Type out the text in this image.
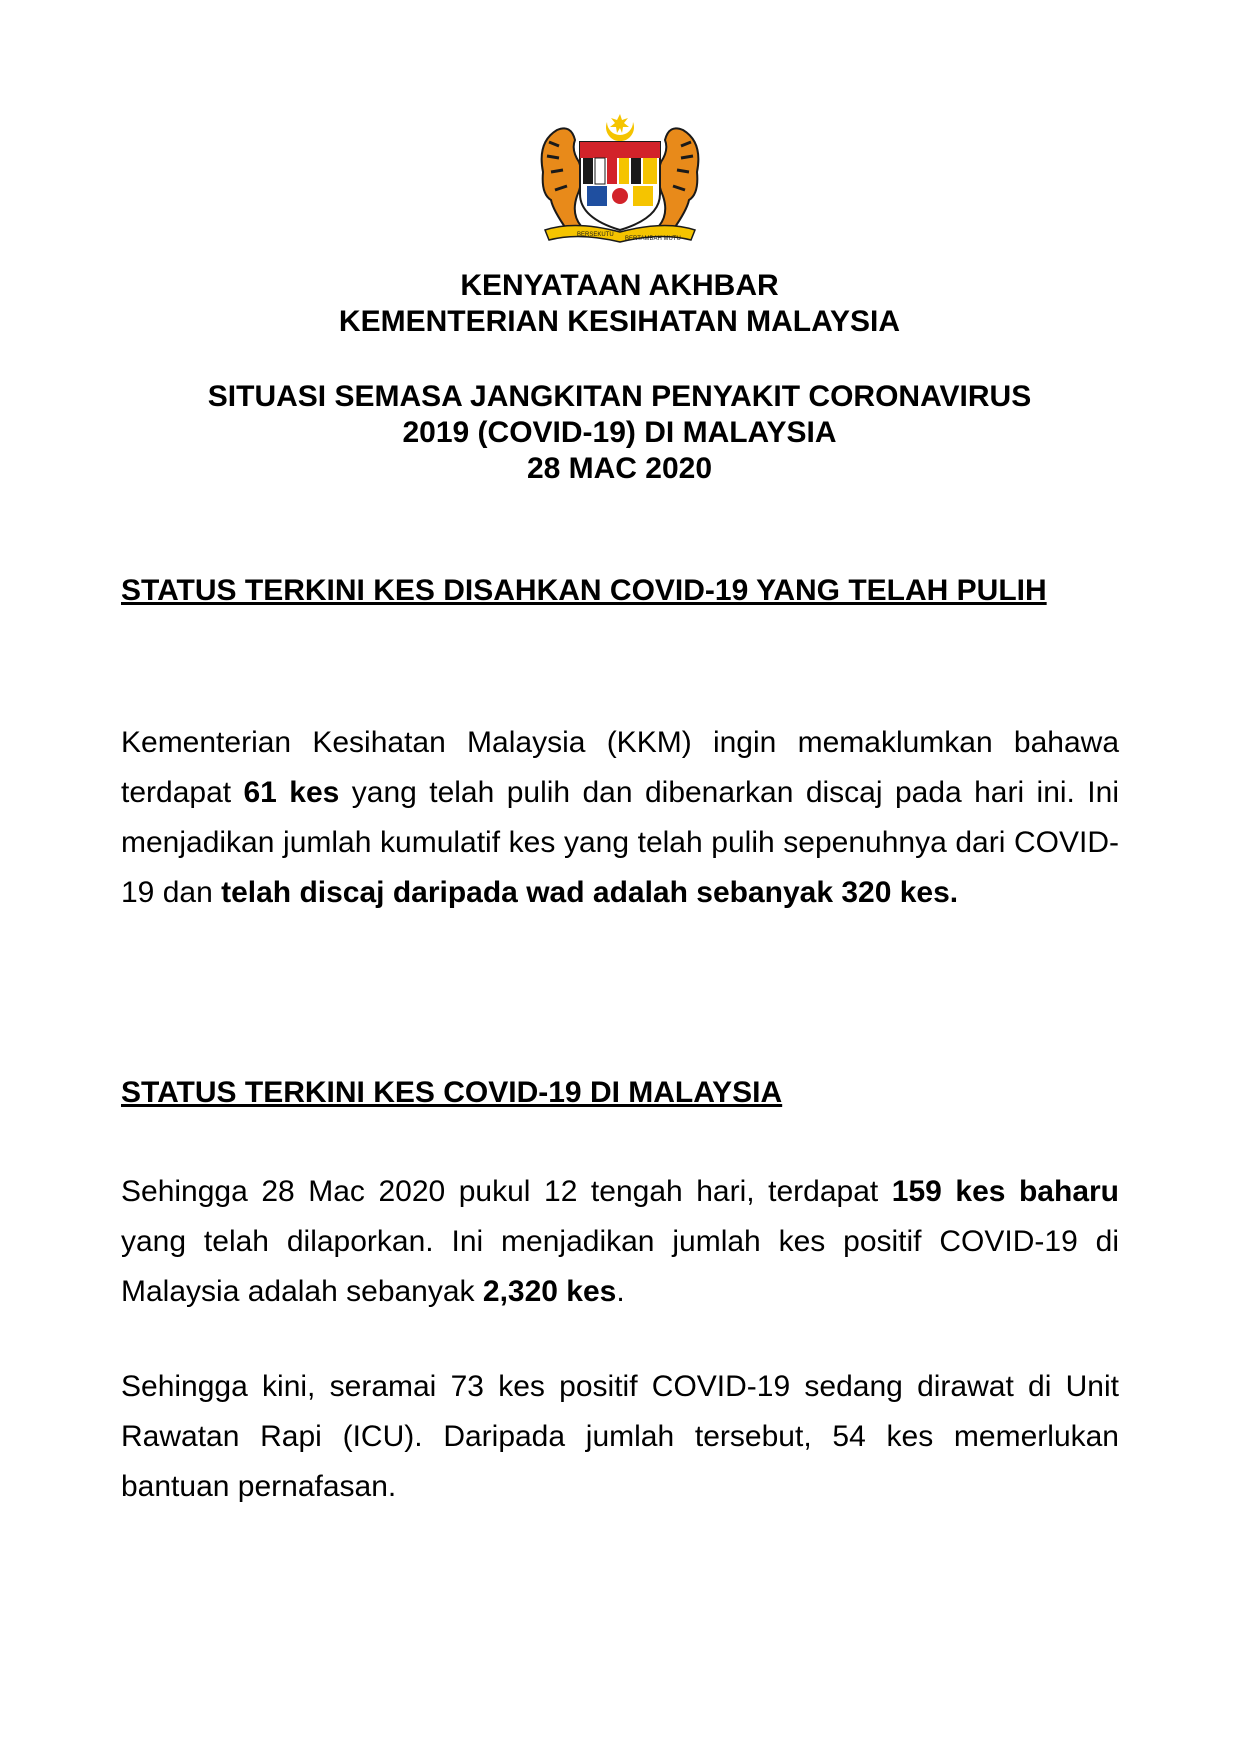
BERSEKUTU
BERTAMBAH MUTU
KENYATAAN AKHBAR
KEMENTERIAN KESIHATAN MALAYSIA
SITUASI SEMASA JANGKITAN PENYAKIT CORONAVIRUS
2019 (COVID-19) DI MALAYSIA
28 MAC 2020
STATUS TERKINI KES DISAHKAN COVID-19 YANG TELAH PULIH

Kementerian Kesihatan Malaysia (KKM) ingin memaklumkan bahawa terdapat 61 kes yang telah pulih dan dibenarkan discaj pada hari ini. Ini menjadikan jumlah kumulatif kes yang telah pulih sepenuhnya dari COVID-19 dan telah discaj daripada wad adalah sebanyak 320 kes.

STATUS TERKINI KES COVID-19 DI MALAYSIA

Sehingga 28 Mac 2020 pukul 12 tengah hari, terdapat 159 kes baharu yang telah dilaporkan. Ini menjadikan jumlah kes positif COVID-19 di Malaysia adalah sebanyak 2,320 kes.

Sehingga kini, seramai 73 kes positif COVID-19 sedang dirawat di Unit Rawatan Rapi (ICU). Daripada jumlah tersebut, 54 kes memerlukan bantuan pernafasan.
